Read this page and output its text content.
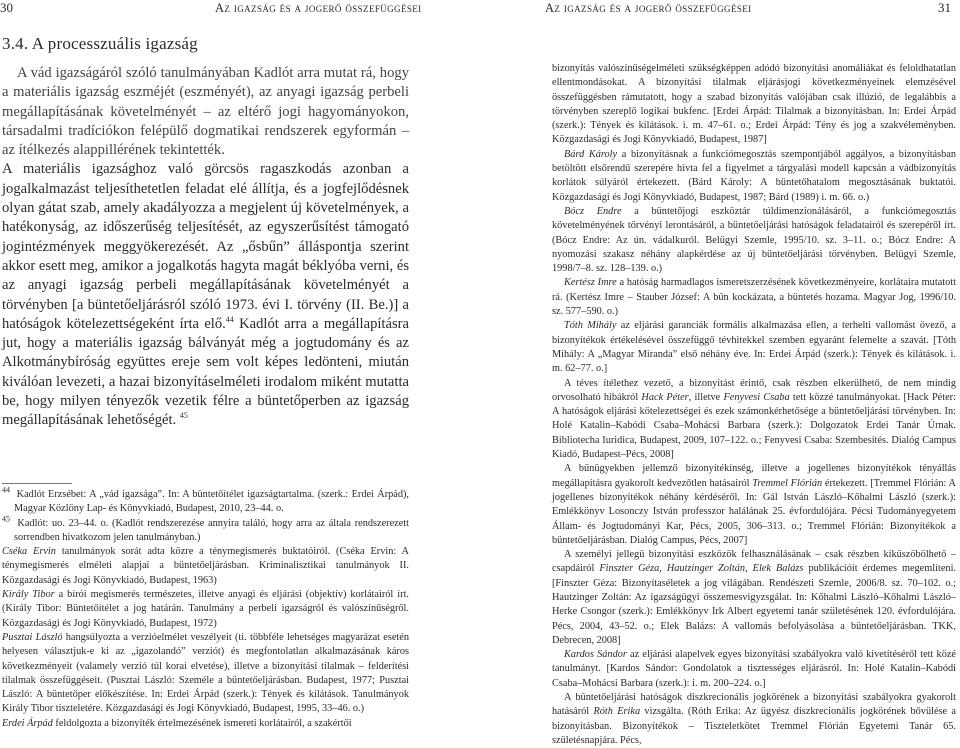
30	Az igazság és a jogerő összefüggései
3.4. A processzuális igazság

A vád igazságáról szóló tanulmányában Kadlót arra mutat rá, hogy a materiális igazság eszméjét (eszményét), az anyagi igazság perbeli megállapításának követelményét – az eltérő jogi hagyományokon, társadalmi tradíciókon felépülő dogmatikai rendszerek egyformán – az ítélkezés alappillérének tekintették.

A materiális igazsághoz való görcsös ragaszkodás azonban a jogalkalmazást teljesíthetetlen feladat elé állítja, és a jogfejlődésnek olyan gátat szab, amely akadályozza a megjelent új követelmények, a hatékonyság, az időszerűség teljesítését, az egyszerűsítést támogató jogintézmények meggyökerezését. Az „ősbűn” álláspontja szerint akkor esett meg, amikor a jogalkotás hagyta magát béklyóba verni, és az anyagi igazság perbeli megállapításának követelményét a törvényben [a büntetőeljárásról szóló 1973. évi I. törvény (II. Be.)] a hatóságok kötelezettségeként írta elő.$^{44}$ Kadlót arra a megállapításra jut, hogy a materiális igazság bálványát még a jogtudomány és az Alkotmánybíróság együttes ereje sem volt képes ledönteni, miután kiválóan levezeti, a hazai bizonyításelméleti irodalom miként mutatta be, hogy milyen tényezők vezetik félre a büntetőperben az igazság megállapításának lehetőségét. $^{45}$

$^{44}$ Kadlót Erzsébet: A „vád igazsága”. In: A büntetőítélet igazságtartalma. (szerk.: Erdei Árpád), Magyar Közlöny Lap- és Könyvkiadó, Budapest, 2010, 23–44. o.

$^{45}$ Kadlót: uo. 23–44. o. (Kadlót rendszerezése annyira találó, hogy arra az általa rendszerezett sorrendben hivatkozom jelen tanulmányban.)

Cséka Ervin tanulmányok sorát adta közre a ténymegismerés buktatóiról. (Cséka Ervin: A ténymegismerés elméleti alapjai a büntetőeljárásban. Kriminalisztikai tanulmányok II. Közgazdasági és Jogi Könyvkiadó, Budapest, 1963)

Király Tibor a bírói megismerés természetes, illetve anyagi és eljárási (objektív) korlátairól írt. (Király Tibor: Büntetőítélet a jog határán. Tanulmány a perbeli igazságról és valószínűségről. Közgazdasági és Jogi Könyvkiadó, Budapest, 1972)

Pusztai László hangsúlyozta a verzióelmélet veszélyeit (ti. többféle lehetséges magyarázat esetén helyesen választjuk-e ki az „igazolandó” verziót) és megfontolatlan alkalmazásának káros következményeit (valamely verzió túl korai elvetése), illetve a bizonyítási tilalmak – felderítési tilalmak összefüggéseit. (Pusztai László: Személe a büntetőeljárásban. Budapest, 1977; Pusztai László: A büntetőper előkészítése. In: Erdei Árpád (szerk.): Tények és kilátások. Tanulmányok Király Tibor tiszteletére. Közgazdasági és Jogi Könyvkiadó, Budapest, 1995, 33–46. o.)

Erdei Árpád feldolgozta a bizonyíték értelmezésének ismereti korlátairól, a szakértői

Az igazság és a jogerő összefüggései	31

bizonyítás valószínűségelméleti szükségképpen adódó bizonyítási anomáliákat és feloldhatatlan ellentmondásokat. A bizonyítási tilalmak eljárásjogi következményeinek elemzésével összefüggésben rámutatott, hogy a szabad bizonyítás valójában csak illúzió, de legalábbis a törvényben szereplő logikai bukfenc. [Erdei Árpád: Tilalmak a bizonyításban. In: Erdei Árpád (szerk.): Tények és kilátások. i. m. 47–61. o.; Erdei Árpád: Tény és jog a szakvéleményben. Közgazdasági és Jogi Könyvkiadó, Budapest, 1987]

Bárd Károly a bizonyításnak a funkciómegosztás szempontjából aggályos, a bizonyításban betöltött elsőrendű szerepére hívta fel a figyelmet a tárgyalási modell kapcsán a vádbizonyítás korlátok súlyáról értekezett. (Bárd Károly: A büntetőhatalom megosztásának buktatói. Közgazdasági és Jogi Könyvkiadó, Budapest, 1987; Bárd (1989) i. m. 66. o.)

Bócz Endre a büntetőjogi eszköztár túldimenzionálásáról, a funkciómegosztás követelményének törvényi lerontásáról, a büntetőeljárási hatóságok feladatairól és szerepéről írt. (Bócz Endre: Az ún. vádalkuról. Belügyi Szemle, 1995/10. sz. 3–11. o.; Bócz Endre: A nyomozási szakasz néhány alapkérdése az új büntetőeljárási törvényben. Belügyi Szemle, 1998/7–8. sz. 128–139. o.)

Kertész Imre a hatóság harmadlagos ismeretszerzésének következményeire, korlátaira mutatott rá. (Kertész Imre – Stauber József: A bűn kockázata, a büntetés hozama. Magyar Jog, 1996/10. sz. 577–590. o.)

Tóth Mihály az eljárási garanciák formális alkalmazása ellen, a terhelti vallomást övező, a bizonyítékok értékelésével összefüggő tévhitekkel szemben egyaránt felemelte a szavát. [Tóth Mihály: A „Magyar Miranda” első néhány éve. In: Erdei Árpád (szerk.): Tények és kilátások. i. m. 62–77. o.]

A téves ítélethez vezető, a bizonyítást érintő, csak részben elkerülhető, de nem mindig orvosolható hibákról Hack Péter, illetve Fenyvesi Csaba tett közzé tanulmányokat. [Hack Péter: A hatóságok eljárási kötelezettségei és ezek számonkérhetősége a büntetőeljárási törvényben. In: Holé Katalin–Kabódi Csaba–Mohácsi Barbara (szerk.): Dolgozatok Erdei Tanár Úrnak. Bibliotecha Iuridica, Budapest, 2009, 107–122. o.; Fenyvesi Csaba: Szembesítés. Dialóg Campus Kiadó, Budapest–Pécs, 2008]

A bűnügyekben jellemző bizonyítékínség, illetve a jogellenes bizonyítékok tényállás megállapításra gyakorolt kedvezőtlen hatásairól Tremmel Flórián értekezett. [Tremmel Flórián: A jogellenes bizonyítékok néhány kérdéséről. In: Gál István László–Kőhalmi László (szerk.): Emlékkönyv Losonczy István professzor halálának 25. évfordulójára. Pécsi Tudományegyetem Állam- és Jogtudományi Kar, Pécs, 2005, 306–313. o.; Tremmel Flórián: Bizonyítékok a büntetőeljárásban. Dialóg Campus, Pécs, 2007]

A személyi jellegű bizonyítási eszközök felhasználásának – csak részben kiküszöbölhető – csapdáiról Finszter Géza, Hautzinger Zoltán, Elek Balázs publikációit érdemes megemlíteni. [Finszter Géza: Bizonyítaséletek a jog világában. Rendészeti Szemle, 2006/8. sz. 70–102. o.; Hautzinger Zoltán: Az igazságügyi összemesvigyzsgálat. In: Kőhalmi László–Kőhalmi László–Herke Csongor (szerk.): Emlékkönyv Irk Albert egyetemi tanár születésének 120. évfordulójára. Pécs, 2004, 43–52. o.; Elek Balázs: A vallomás befolyásolása a büntetőeljárásban. TKK, Debrecen, 2008]

Kardos Sándor az eljárási alapelvek egyes bizonyítási szabályokra való kivetítéséről tett közé tanulmányt. [Kardos Sándor: Gondolatok a tisztességes eljárásról. In: Holé Katalin–Kabódi Csaba–Mohácsi Barbara (szerk.): i. m. 200–224. o.]

A büntetőeljárási hatóságok diszkrecionális jogkörének a bizonyítási szabályokra gyakorolt hatásáról Róth Erika vizsgálta. (Róth Erika: Az ügyész diszkrecionális jogkörének bővülése a bizonyításban. Bizonyítékok – Tiszteletkötet Tremmel Flórián Egyetemi Tanár 65. születésnapjára. Pécs,
